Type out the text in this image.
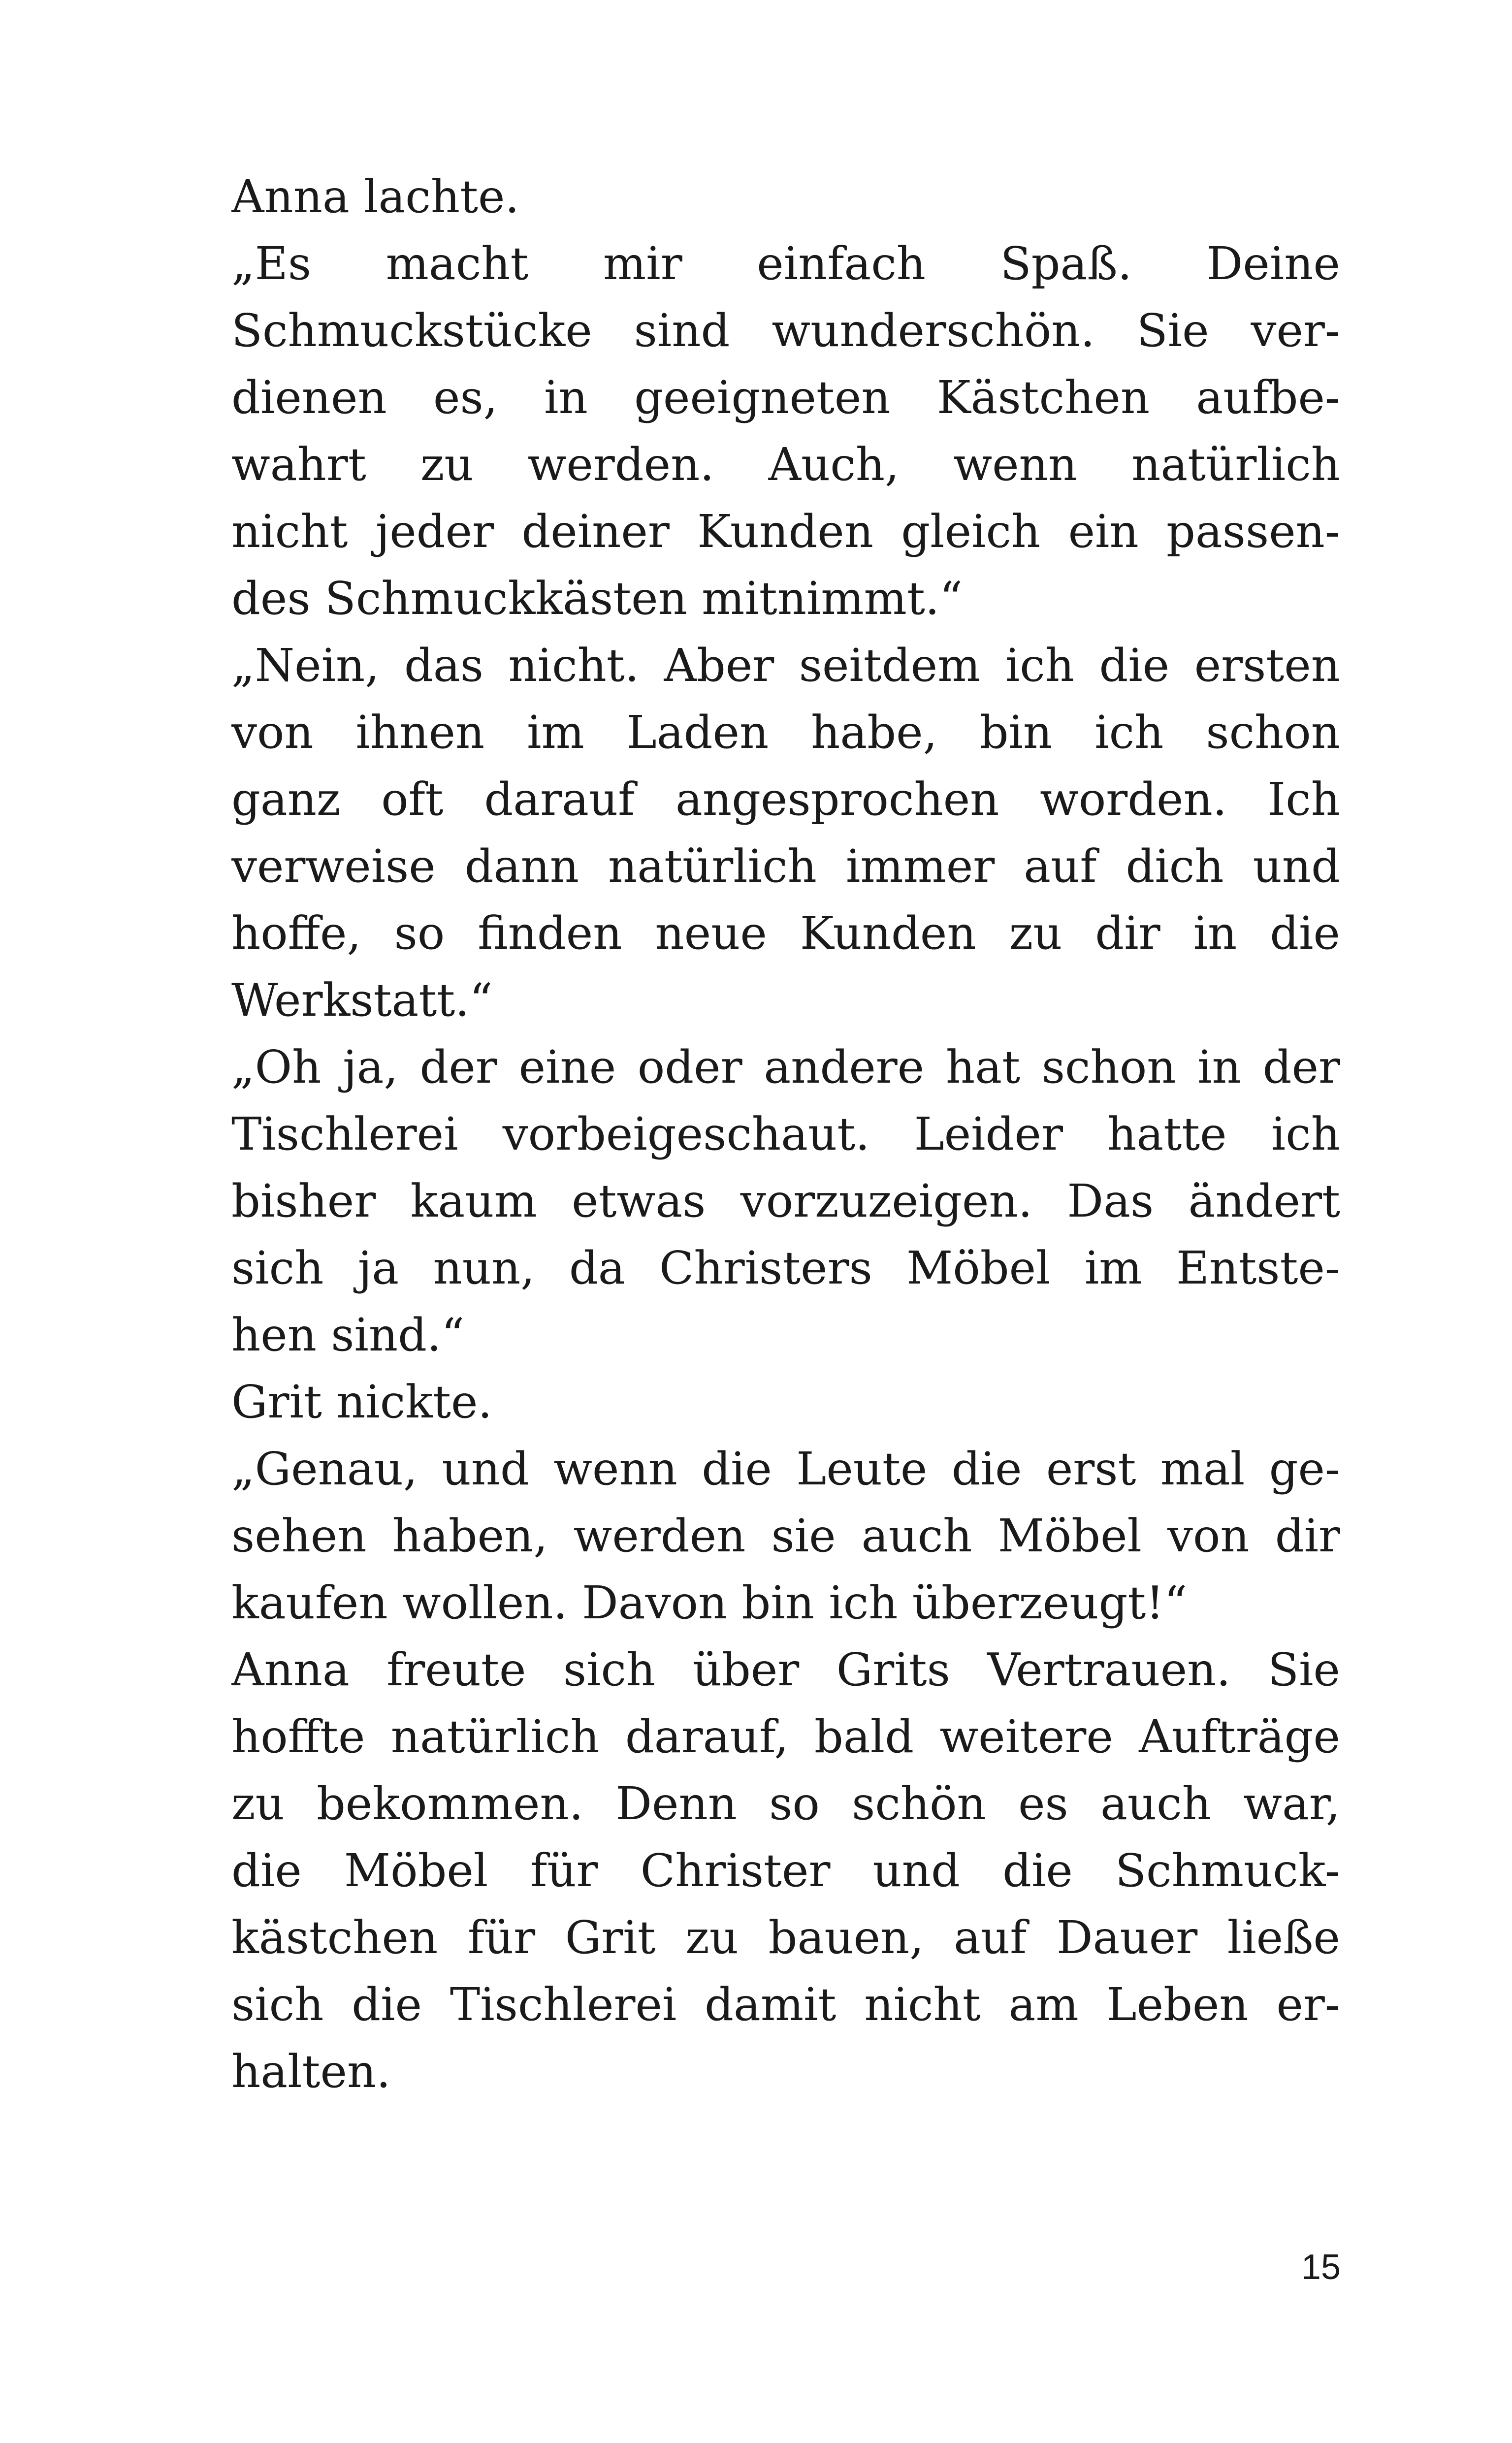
Anna lachte.
„Es macht mir einfach Spaß. Deine
Schmuckstücke sind wunderschön. Sie ver-
dienen es, in geeigneten Kästchen aufbe-
wahrt zu werden. Auch, wenn natürlich
nicht jeder deiner Kunden gleich ein passen-
des Schmuckkästen mitnimmt.“
„Nein, das nicht. Aber seitdem ich die ersten
von ihnen im Laden habe, bin ich schon
ganz oft darauf angesprochen worden. Ich
verweise dann natürlich immer auf dich und
hoffe, so finden neue Kunden zu dir in die
Werkstatt.“
„Oh ja, der eine oder andere hat schon in der
Tischlerei vorbeigeschaut. Leider hatte ich
bisher kaum etwas vorzuzeigen. Das ändert
sich ja nun, da Christers Möbel im Entste-
hen sind.“
Grit nickte.
„Genau, und wenn die Leute die erst mal ge-
sehen haben, werden sie auch Möbel von dir
kaufen wollen. Davon bin ich überzeugt!“
Anna freute sich über Grits Vertrauen. Sie
hoffte natürlich darauf, bald weitere Aufträge
zu bekommen. Denn so schön es auch war,
die Möbel für Christer und die Schmuck-
kästchen für Grit zu bauen, auf Dauer ließe
sich die Tischlerei damit nicht am Leben er-
halten.
15
